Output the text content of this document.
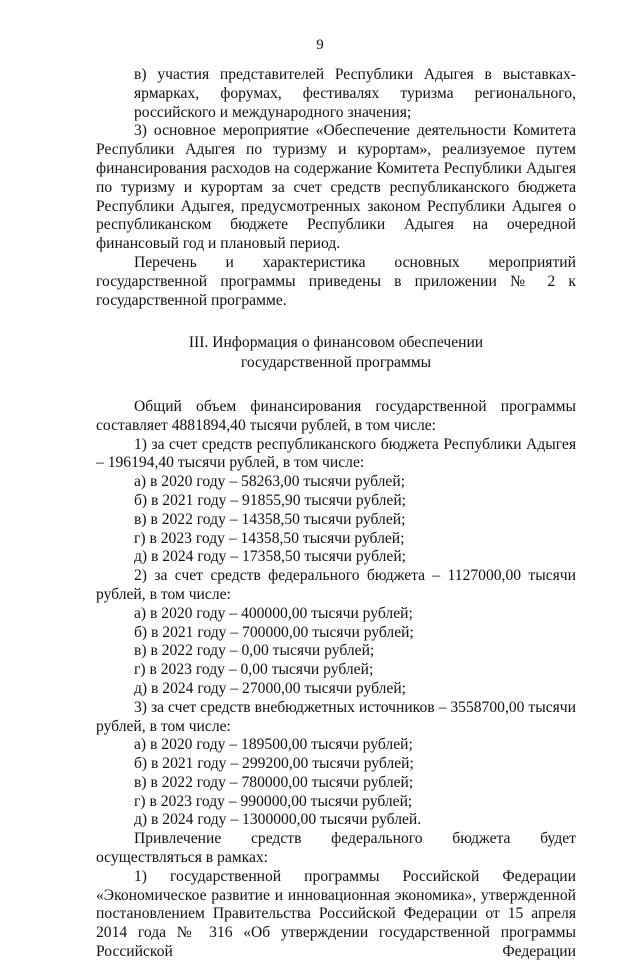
9

в) участия представителей Республики Адыгея в выставках-ярмарках, форумах, фестивалях туризма регионального, российского и международного значения;

3) основное мероприятие «Обеспечение деятельности Комитета Республики Адыгея по туризму и курортам», реализуемое путем финансирования расходов на содержание Комитета Республики Адыгея по туризму и курортам за счет средств республиканского бюджета Республики Адыгея, предусмотренных законом Республики Адыгея о республиканском бюджете Республики Адыгея на очередной финансовый год и плановый период.

Перечень и характеристика основных мероприятий государственной программы приведены в приложении № 2 к государственной программе.

III. Информация о финансовом обеспечении

государственной программы

Общий объем финансирования государственной программы составляет 4881894,40 тысячи рублей, в том числе:

1) за счет средств республиканского бюджета Республики Адыгея – 196194,40 тысячи рублей, в том числе:

а) в 2020 году – 58263,00 тысячи рублей;

б) в 2021 году – 91855,90 тысячи рублей;

в) в 2022 году – 14358,50 тысячи рублей;

г) в 2023 году – 14358,50 тысячи рублей;

д) в 2024 году – 17358,50 тысячи рублей;

2) за счет средств федерального бюджета – 1127000,00 тысячи рублей, в том числе:

а) в 2020 году – 400000,00 тысячи рублей;

б) в 2021 году – 700000,00 тысячи рублей;

в) в 2022 году – 0,00 тысячи рублей;

г) в 2023 году – 0,00 тысячи рублей;

д) в 2024 году – 27000,00 тысячи рублей;

3) за счет средств внебюджетных источников – 3558700,00 тысячи рублей, в том числе:

а) в 2020 году – 189500,00 тысячи рублей;

б) в 2021 году – 299200,00 тысячи рублей;

в) в 2022 году – 780000,00 тысячи рублей;

г) в 2023 году – 990000,00 тысячи рублей;

д) в 2024 году – 1300000,00 тысячи рублей.

Привлечение средств федерального бюджета будет осуществляться в рамках:

1) государственной программы Российской Федерации «Экономическое развитие и инновационная экономика», утвержденной постановлением Правительства Российской Федерации от 15 апреля 2014 года № 316 «Об утверждении государственной программы Российской Федерации
